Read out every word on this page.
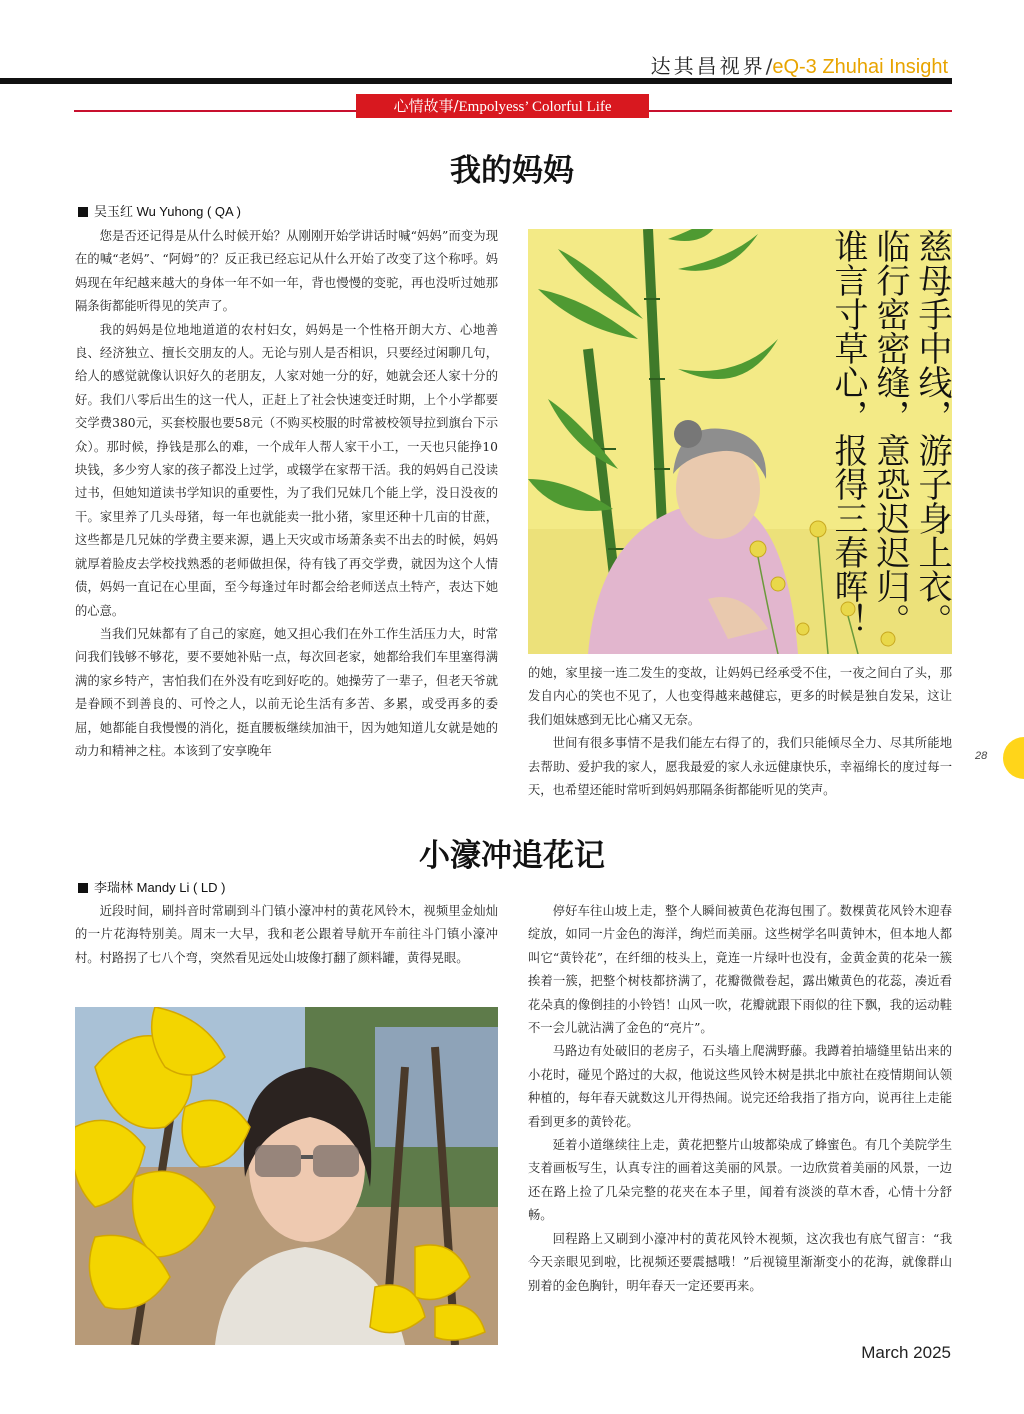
达其昌视界/eQ-3 Zhuhai Insight
心情故事/Empolyess’ Colorful Life
我的妈妈
吴玉红 Wu Yuhong ( QA )

您是否还记得是从什么时候开始？从刚刚开始学讲话时喊“妈妈”而变为现在的喊“老妈”、“阿姆”的？反正我已经忘记从什么开始了改变了这个称呼。妈妈现在年纪越来越大的身体一年不如一年，背也慢慢的变驼，再也没听过她那隔条街都能听得见的笑声了。

我的妈妈是位地地道道的农村妇女，妈妈是一个性格开朗大方、心地善良、经济独立、擅长交朋友的人。无论与别人是否相识，只要经过闲聊几句，给人的感觉就像认识好久的老朋友，人家对她一分的好，她就会还人家十分的好。我们八零后出生的这一代人，正赶上了社会快速变迁时期，上个小学都要交学费380元，买套校服也要58元（不购买校服的时常被校领导拉到旗台下示众）。那时候，挣钱是那么的难，一个成年人帮人家干小工，一天也只能挣10块钱，多少穷人家的孩子都没上过学，或辍学在家帮干活。我的妈妈自己没读过书，但她知道读书学知识的重要性，为了我们兄妹几个能上学，没日没夜的干。家里养了几头母猪，每一年也就能卖一批小猪，家里还种十几亩的甘蔗，这些都是几兄妹的学费主要来源，遇上天灾或市场萧条卖不出去的时候，妈妈就厚着脸皮去学校找熟悉的老师做担保，待有钱了再交学费，就因为这个人情债，妈妈一直记在心里面，至今每逢过年时都会给老师送点土特产，表达下她的心意。

当我们兄妹都有了自己的家庭，她又担心我们在外工作生活压力大，时常问我们钱够不够花，要不要她补贴一点，每次回老家，她都给我们车里塞得满满的家乡特产，害怕我们在外没有吃到好吃的。她操劳了一辈子，但老天爷就是眷顾不到善良的、可怜之人，以前无论生活有多苦、多累，或受再多的委屈，她都能自我慢慢的消化，挺直腰板继续加油干，因为她知道儿女就是她的动力和精神之柱。本该到了安享晚年

慈母手中线，游子身上衣。
临行密密缝，意恐迟迟归。
谁言寸草心，报得三春晖！

的她，家里接一连二发生的变故，让妈妈已经承受不住，一夜之间白了头，那发自内心的笑也不见了，人也变得越来越健忘，更多的时候是独自发呆，这让我们姐妹感到无比心痛又无奈。

世间有很多事情不是我们能左右得了的，我们只能倾尽全力、尽其所能地去帮助、爱护我的家人，愿我最爱的家人永远健康快乐，幸福绵长的度过每一天，也希望还能时常听到妈妈那隔条街都能听见的笑声。

小濠冲追花记
李瑞林 Mandy Li ( LD )

近段时间，刷抖音时常刷到斗门镇小濠冲村的黄花风铃木，视频里金灿灿的一片花海特别美。周末一大早，我和老公跟着导航开车前往斗门镇小濠冲村。村路拐了七八个弯，突然看见远处山坡像打翻了颜料罐，黄得晃眼。

停好车往山坡上走，整个人瞬间被黄色花海包围了。数棵黄花风铃木迎春绽放，如同一片金色的海洋，绚烂而美丽。这些树学名叫黄钟木，但本地人都叫它“黄铃花”，在纤细的枝头上，竟连一片绿叶也没有，金黄金黄的花朵一簇挨着一簇，把整个树枝都挤满了，花瓣微微卷起，露出嫩黄色的花蕊，凑近看花朵真的像倒挂的小铃铛！山风一吹，花瓣就跟下雨似的往下飘，我的运动鞋不一会儿就沾满了金色的“亮片”。

马路边有处破旧的老房子，石头墙上爬满野藤。我蹲着拍墙缝里钻出来的小花时，碰见个路过的大叔，他说这些风铃木树是拱北中旅社在疫情期间认领种植的，每年春天就数这儿开得热闹。说完还给我指了指方向，说再往上走能看到更多的黄铃花。

延着小道继续往上走，黄花把整片山坡都染成了蜂蜜色。有几个美院学生支着画板写生，认真专注的画着这美丽的风景。一边欣赏着美丽的风景，一边还在路上捡了几朵完整的花夹在本子里，闻着有淡淡的草木香，心情十分舒畅。

回程路上又刷到小濠冲村的黄花风铃木视频，这次我也有底气留言：“我今天亲眼见到啦，比视频还要震撼哦！”后视镜里渐渐变小的花海，就像群山别着的金色胸针，明年春天一定还要再来。

28
March 2025
